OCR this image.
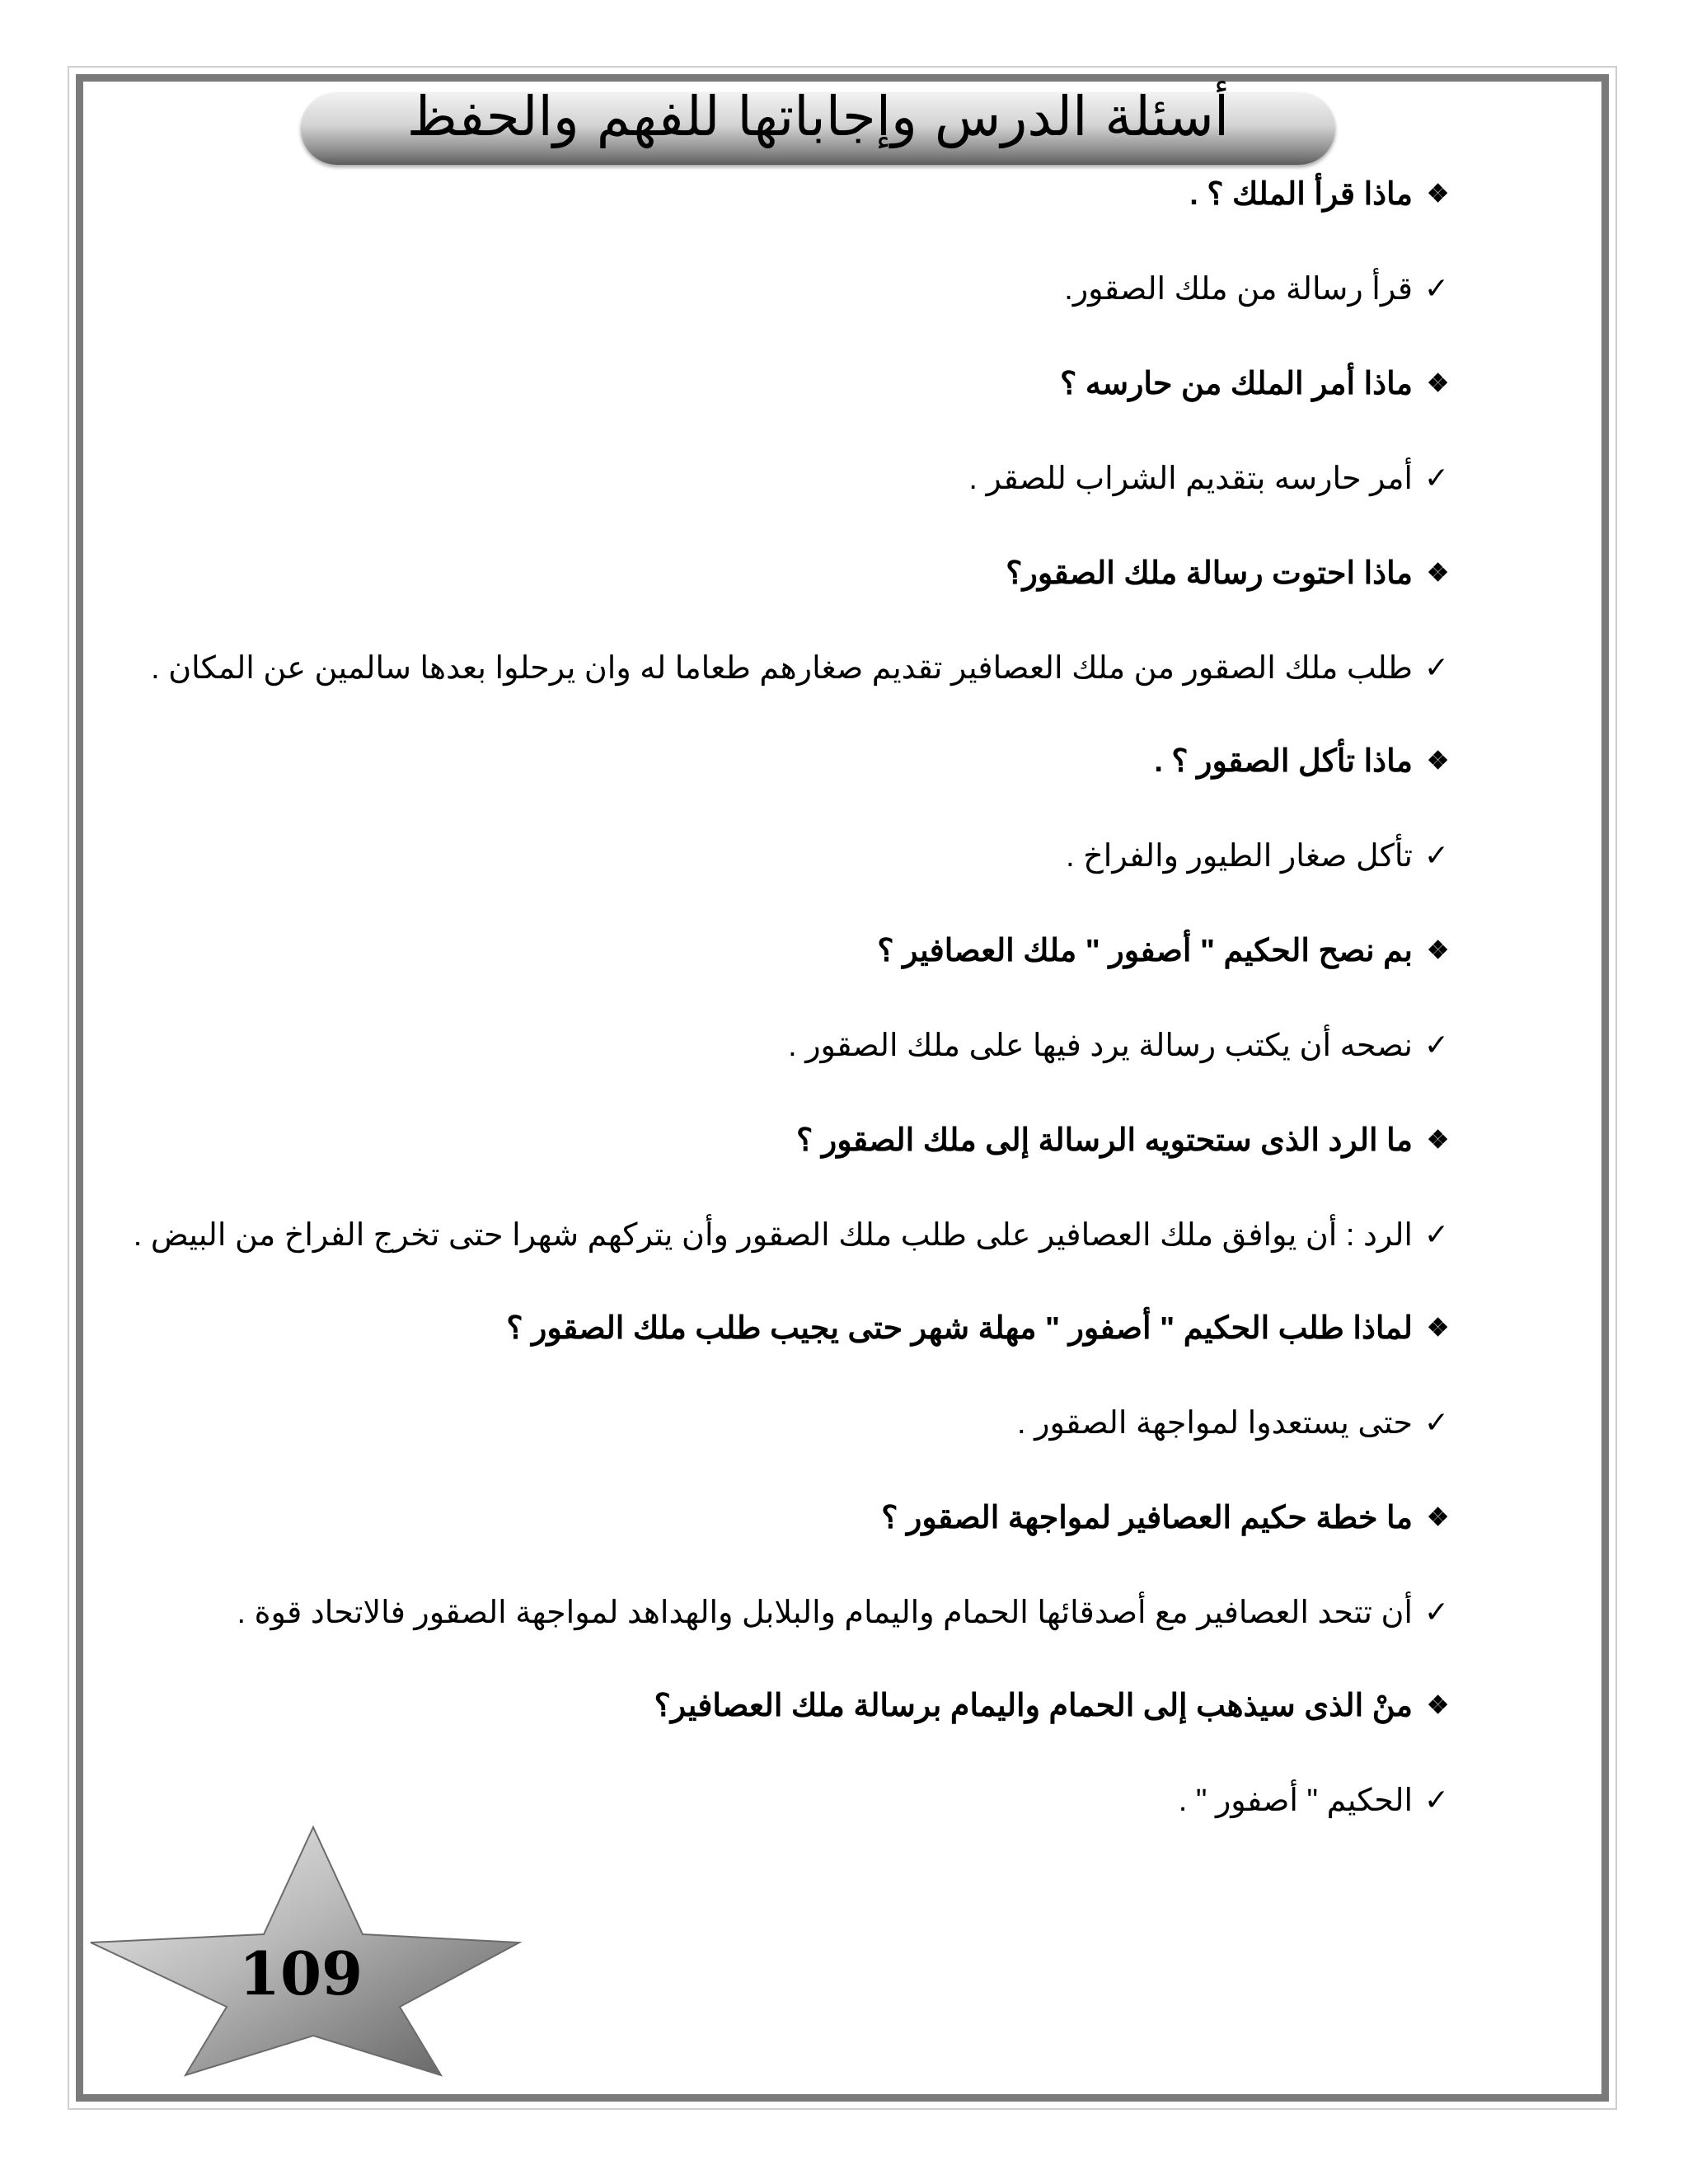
أسئلة الدرس وإجاباتها للفهم والحفظ
❖
ماذا قرأ الملك ؟ .
✓
قرأ رسالة من ملك الصقور.
❖
ماذا أمر الملك من حارسه ؟
✓
أمر حارسه بتقديم الشراب للصقر .
❖
ماذا احتوت رسالة ملك الصقور؟
✓
طلب ملك الصقور من ملك العصافير تقديم صغارهم طعاما له وان يرحلوا بعدها سالمين عن المكان .
❖
ماذا تأكل الصقور ؟ .
✓
تأكل صغار الطيور والفراخ .
❖
بم نصح الحكيم " أصفور " ملك العصافير ؟
✓
نصحه أن يكتب رسالة يرد فيها على ملك الصقور .
❖
ما الرد الذى ستحتويه الرسالة إلى ملك الصقور ؟
✓
الرد : أن يوافق ملك العصافير على طلب ملك الصقور وأن يتركهم شهرا حتى تخرج الفراخ من البيض .
❖
لماذا طلب الحكيم " أصفور " مهلة شهر حتى يجيب طلب ملك الصقور ؟
✓
حتى يستعدوا لمواجهة الصقور .
❖
ما خطة حكيم العصافير لمواجهة الصقور ؟
✓
أن تتحد العصافير مع أصدقائها الحمام واليمام والبلابل والهداهد لمواجهة الصقور فالاتحاد قوة .
❖
منْ الذى سيذهب إلى الحمام واليمام برسالة ملك العصافير؟
✓
الحكيم " أصفور " .
109
